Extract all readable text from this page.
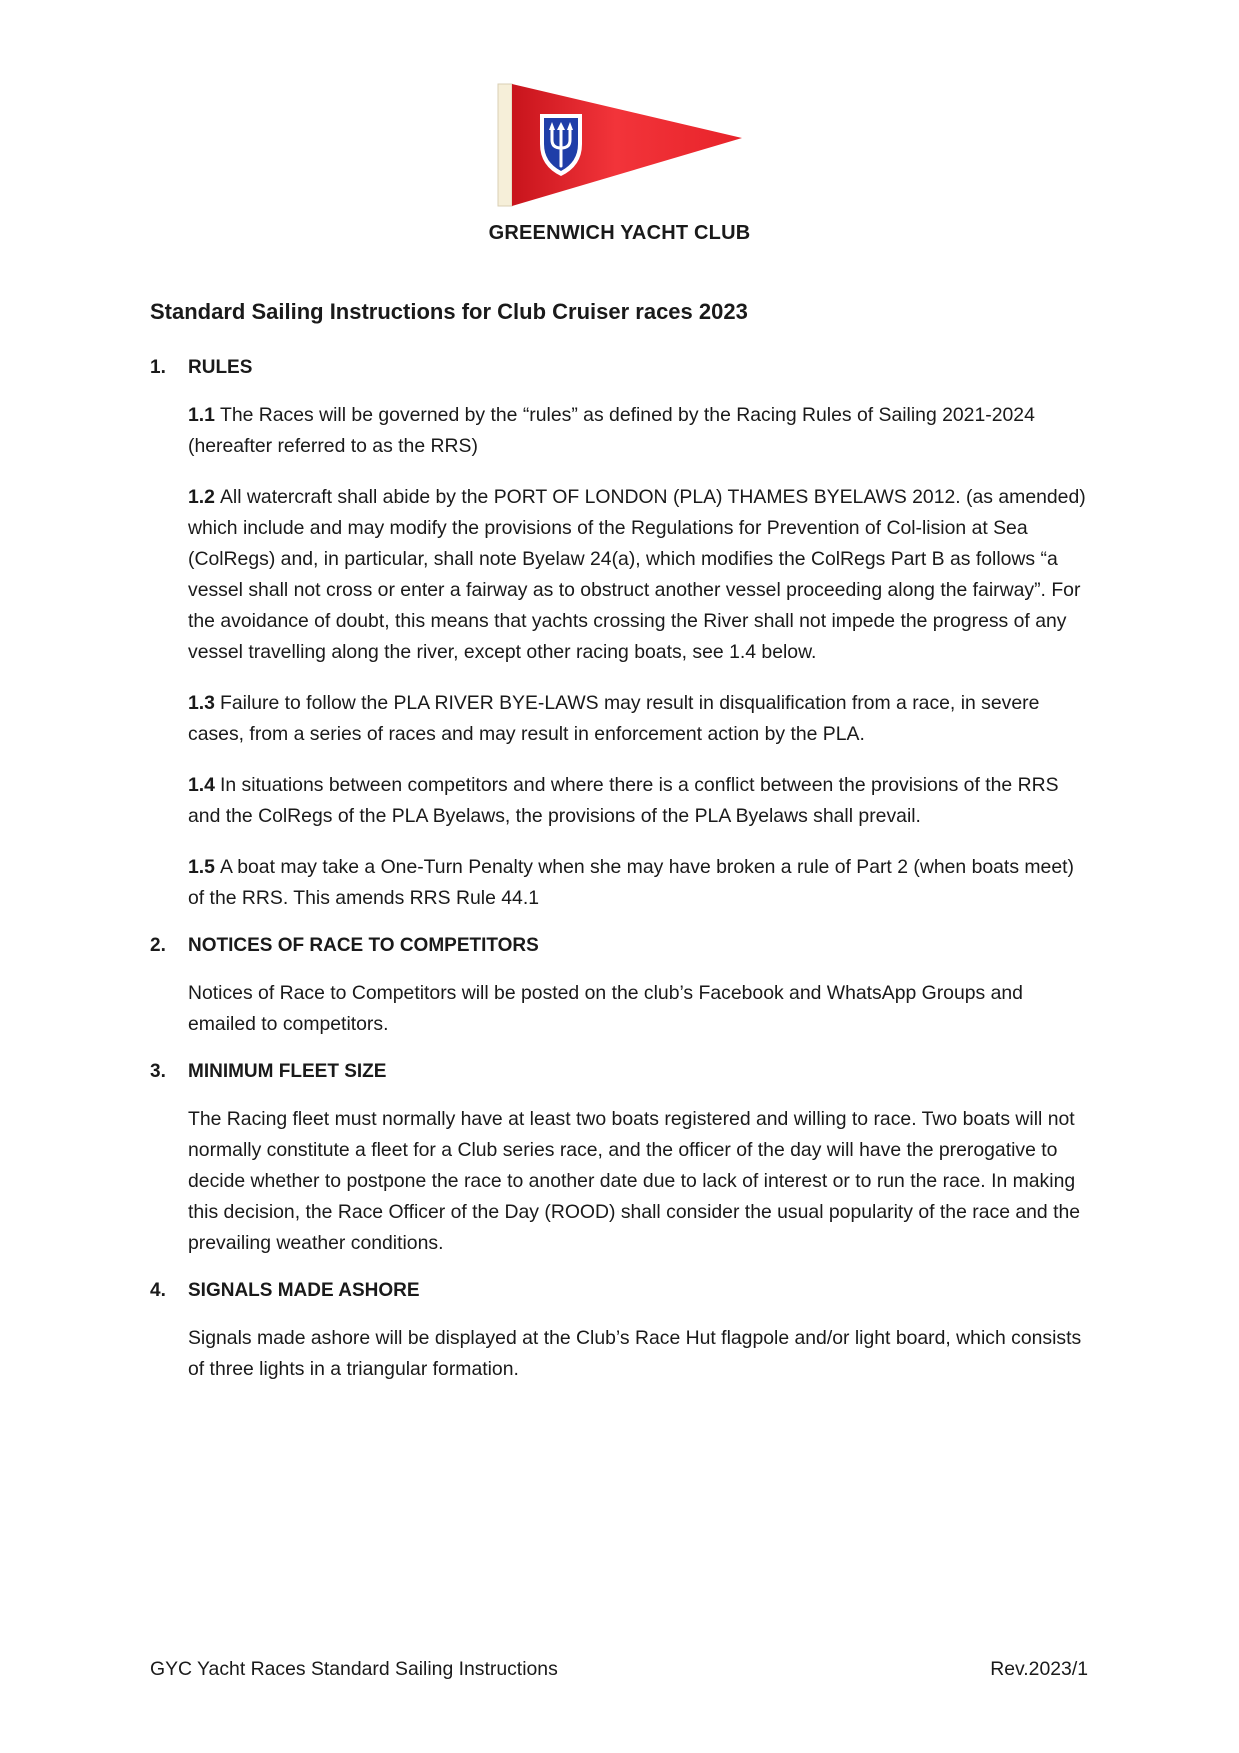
GREENWICH YACHT CLUB
Standard Sailing Instructions for Club Cruiser races 2023
1.	RULES

1.1 The Races will be governed by the “rules” as defined by the Racing Rules of Sailing 2021-2024 (hereafter referred to as the RRS)

1.2 All watercraft shall abide by the PORT OF LONDON (PLA) THAMES BYELAWS 2012. (as amended) which include and may modify the provisions of the Regulations for Prevention of Col-lision at Sea (ColRegs) and, in particular, shall note Byelaw 24(a), which modifies the ColRegs Part B as follows “a vessel shall not cross or enter a fairway as to obstruct another vessel proceeding along the fairway”. For the avoidance of doubt, this means that yachts crossing the River shall not impede the progress of any vessel travelling along the river, except other racing boats, see 1.4 below.

1.3 Failure to follow the PLA RIVER BYE-LAWS may result in disqualification from a race, in severe cases, from a series of races and may result in enforcement action by the PLA.

1.4 In situations between competitors and where there is a conflict between the provisions of the RRS and the ColRegs of the PLA Byelaws, the provisions of the PLA Byelaws shall prevail.

1.5 A boat may take a One-Turn Penalty when she may have broken a rule of Part 2 (when boats meet) of the RRS. This amends RRS Rule 44.1

2.	NOTICES OF RACE TO COMPETITORS

Notices of Race to Competitors will be posted on the club’s Facebook and WhatsApp Groups and emailed to competitors.

3.	MINIMUM FLEET SIZE

The Racing fleet must normally have at least two boats registered and willing to race. Two boats will not normally constitute a fleet for a Club series race, and the officer of the day will have the prerogative to decide whether to postpone the race to another date due to lack of interest or to run the race. In making this decision, the Race Officer of the Day (ROOD) shall consider the usual popularity of the race and the prevailing weather conditions.

4.	SIGNALS MADE ASHORE

Signals made ashore will be displayed at the Club’s Race Hut flagpole and/or light board, which consists of three lights in a triangular formation.

GYC Yacht Races Standard Sailing Instructions	Rev.2023/1
